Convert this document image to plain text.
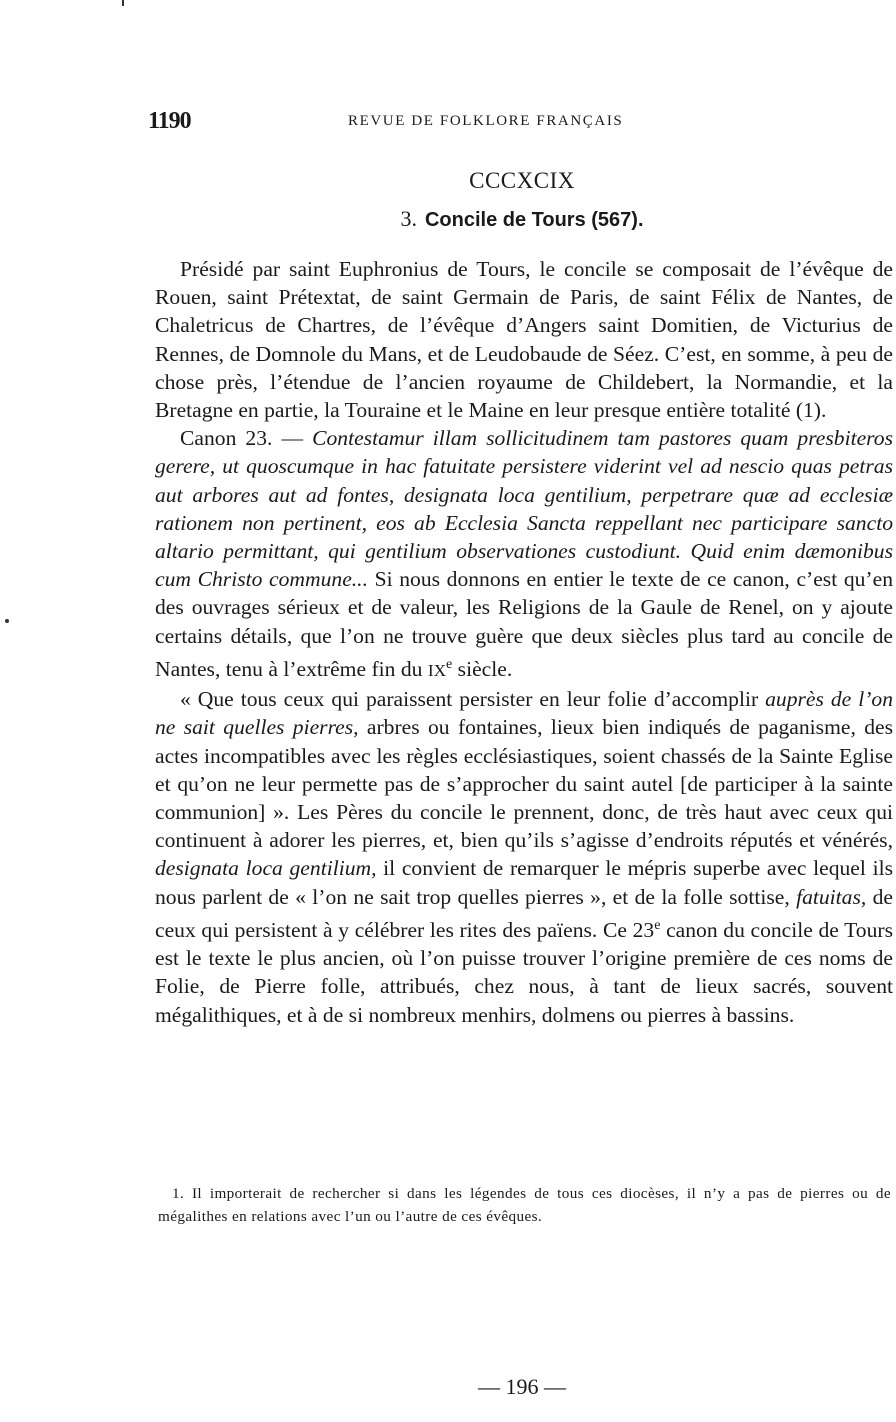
1190	REVUE DE FOLKLORE FRANÇAIS
CCCXCIX
3. Concile de Tours (567).

Présidé par saint Euphronius de Tours, le concile se composait de l’évêque de Rouen, saint Prétextat, de saint Germain de Paris, de saint Félix de Nantes, de Chaletricus de Chartres, de l’évêque d’Angers saint Domitien, de Victurius de Rennes, de Domnole du Mans, et de Leudobaude de Séez. C’est, en somme, à peu de chose près, l’étendue de l’ancien royaume de Childebert, la Normandie, et la Bretagne en partie, la Touraine et le Maine en leur presque entière totalité (1).

Canon 23. — Contestamur illam sollicitudinem tam pastores quam presbiteros gerere, ut quoscumque in hac fatuitate persistere viderint vel ad nescio quas petras aut arbores aut ad fontes, designata loca gentilium, perpetrare quæ ad ecclesiæ rationem non pertinent, eos ab Ecclesia Sancta reppellant nec participare sancto altario permittant, qui gentilium observationes custodiunt. Quid enim dæmonibus cum Christo commune... Si nous donnons en entier le texte de ce canon, c’est qu’en des ouvrages sérieux et de valeur, les Religions de la Gaule de Renel, on y ajoute certains détails, que l’on ne trouve guère que deux siècles plus tard au concile de Nantes, tenu à l’extrême fin du IXe siècle.

« Que tous ceux qui paraissent persister en leur folie d’accomplir auprès de l’on ne sait quelles pierres, arbres ou fontaines, lieux bien indiqués de paganisme, des actes incompatibles avec les règles ecclésiastiques, soient chassés de la Sainte Eglise et qu’on ne leur permette pas de s’approcher du saint autel [de participer à la sainte communion] ». Les Pères du concile le prennent, donc, de très haut avec ceux qui continuent à adorer les pierres, et, bien qu’ils s’agisse d’endroits réputés et vénérés, designata loca gentilium, il convient de remarquer le mépris superbe avec lequel ils nous parlent de « l’on ne sait trop quelles pierres », et de la folle sottise, fatuitas, de ceux qui persistent à y célébrer les rites des païens. Ce 23e canon du concile de Tours est le texte le plus ancien, où l’on puisse trouver l’origine première de ces noms de Folie, de Pierre folle, attribués, chez nous, à tant de lieux sacrés, souvent mégalithiques, et à de si nombreux menhirs, dolmens ou pierres à bassins.

1. Il importerait de rechercher si dans les légendes de tous ces diocèses, il n’y a pas de pierres ou de mégalithes en relations avec l’un ou l’autre de ces évêques.

— 196 —
